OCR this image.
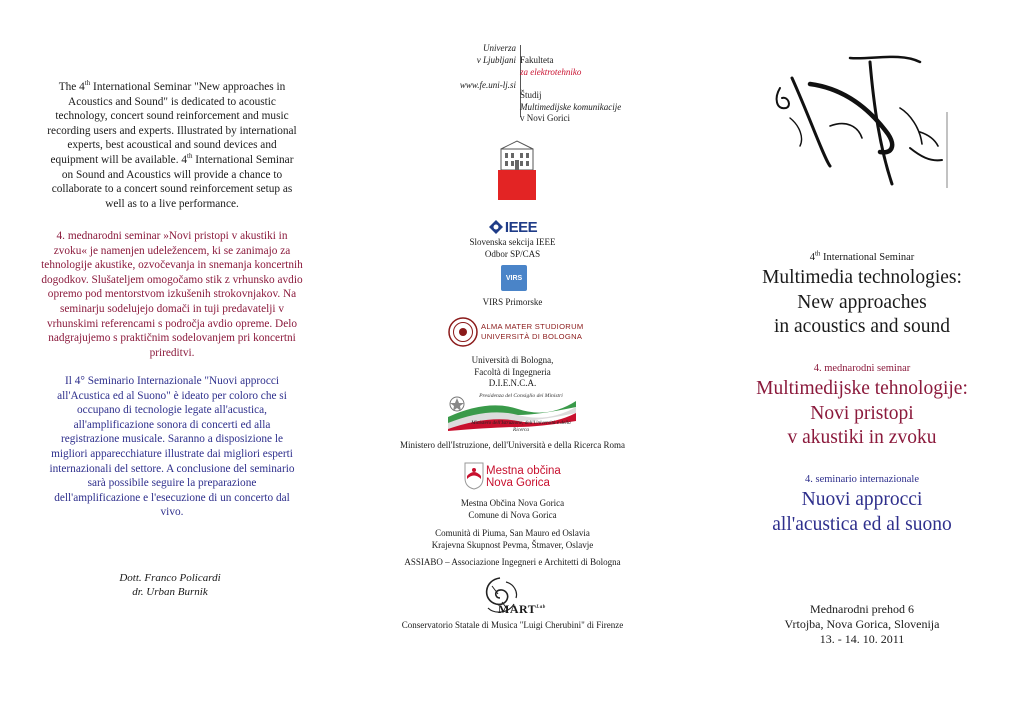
The 4th International Seminar "New approaches in Acoustics and Sound" is dedicated to acoustic technology, concert sound reinforcement and music recording users and experts. Illustrated by international experts, best acoustical and sound devices and equipment will be available. 4th International Seminar on Sound and Acoustics will provide a chance to collaborate to a concert sound reinforcement setup as well as to a live performance.
4. mednarodni seminar »Novi pristopi v akustiki in zvoku« je namenjen udeležencem, ki se zanimajo za tehnologije akustike, ozvočevanja in snemanja koncertnih dogodkov. Slušateljem omogočamo stik z vrhunsko avdio opremo pod mentorstvom izkušenih strokovnjakov. Na seminarju sodelujejo domači in tuji predavatelji v vrhunskimi referencami s področja avdio opreme. Delo nadgrajujemo s praktičnim sodelovanjem pri koncertni prireditvi.
Il 4° Seminario Internazionale "Nuovi approcci all'Acustica ed al Suono" è ideato per coloro che si occupano di tecnologie legate all'acustica, all'amplificazione sonora di concerti ed alla registrazione musicale. Saranno a disposizione le migliori apparecchiature illustrate dai migliori esperti internazionali del settore. A conclusione del seminario sarà possibile seguire la preparazione dell'amplificazione e l'esecuzione di un concerto dal vivo.
Dott. Franco Policardi
dr. Urban Burnik
Univerza
v Ljubljani
www.fe.uni-lj.si
Fakulteta
za elektrotehniko
Študij
Multimedijske komunikacije
v Novi Gorici
IEEE
Slovenska sekcija IEEE
Odbor SP/CAS
VIRS
VIRS Primorske
ALMA MATER STUDIORUM
UNIVERSITÀ DI BOLOGNA
Università di Bologna,
Facoltà di Ingegneria
D.I.E.N.C.A.
Presidenza del Consiglio dei Ministri
Ministero dell'Istruzione, dell'Università e della Ricerca
Ministero dell'Istruzione, dell'Università e della Ricerca Roma
Mestna občina
Nova Gorica
Mestna Občina Nova Gorica
Comune di Nova Gorica
Comunità di Piuma, San Mauro ed Oslavia
Krajevna Skupnost Pevma, Štmaver, Oslavje
ASSIABO – Associazione Ingegneri e Architetti di Bologna
$MART^{Lab}$
Conservatorio Statale di Musica "Luigi Cherubini" di Firenze
4th International Seminar
Multimedia technologies:
New approaches
in acoustics and sound
4. mednarodni seminar
Multimedijske tehnologije:
Novi pristopi
v akustiki in zvoku
4. seminario internazionale
Nuovi approcci
all'acustica ed al suono
Mednarodni prehod 6
Vrtojba, Nova Gorica, Slovenija
13. - 14. 10. 2011
